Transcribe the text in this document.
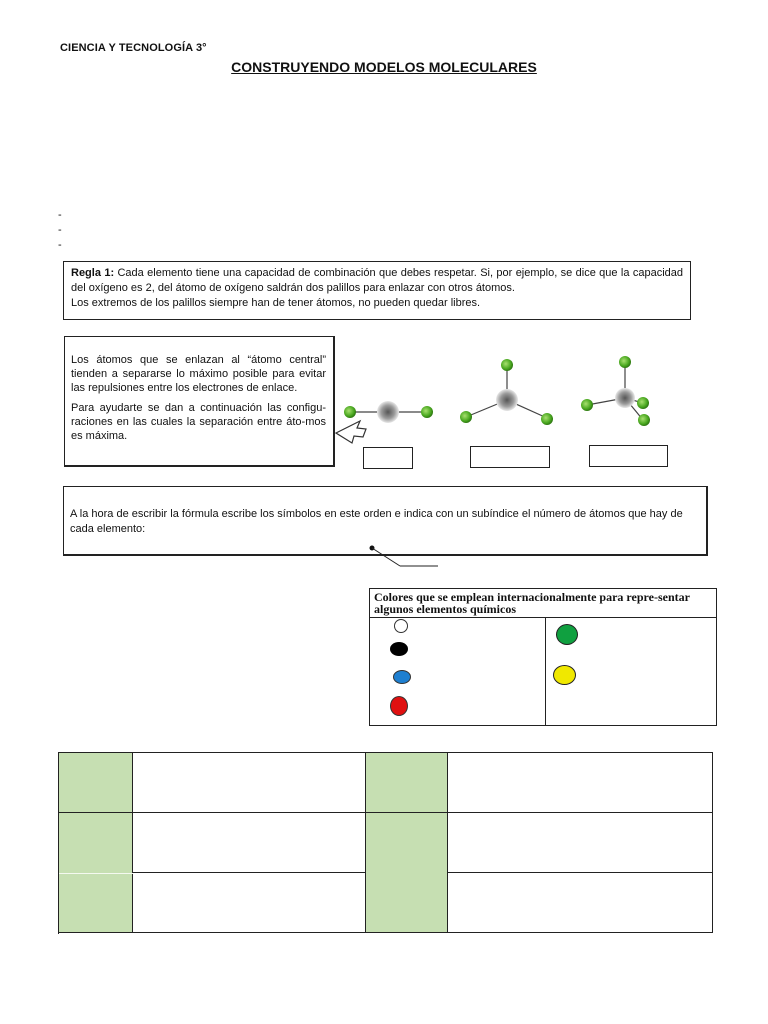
CIENCIA Y TECNOLOGÍA 3°
CONSTRUYENDO MODELOS MOLECULARES
-
-
-
Regla 1: Cada elemento tiene una capacidad de combinación que debes respetar. Si, por ejemplo, se dice que la capacidad del oxígeno es 2, del átomo de oxígeno saldrán dos palillos para enlazar con otros átomos.
Los extremos de los palillos siempre han de tener átomos, no pueden quedar libres.

Los átomos que se enlazan al “átomo central” tienden a separarse lo máximo posible para evitar las repulsiones entre los electrones de enlace.

Para ayudarte se dan a continuación las configu-raciones en las cuales la separación entre áto-mos es máxima.

A la hora de escribir la fórmula escribe los símbolos en este orden e indica con un subíndice el número de átomos que hay de cada elemento:
Colores que se emplean internacionalmente para repre-sentar algunos elementos químicos
